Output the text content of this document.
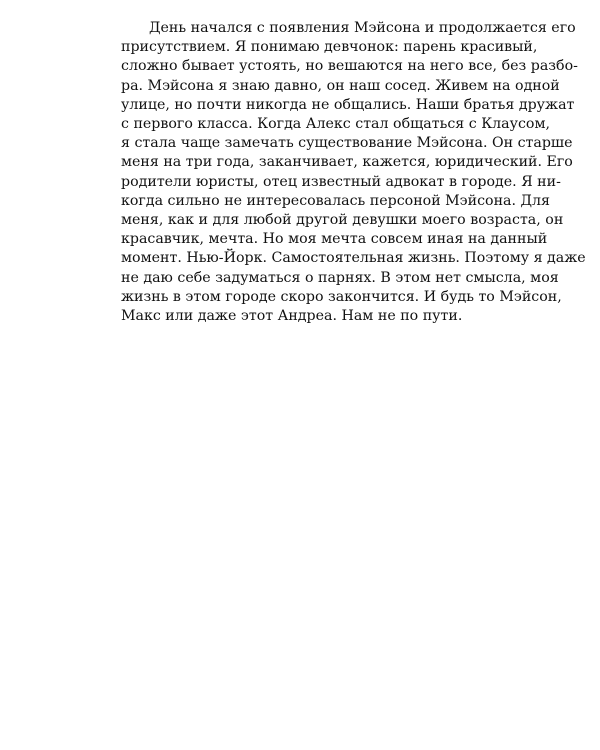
День начался с появления Мэйсона и продолжается его
присутствием. Я понимаю девчонок: парень красивый,
сложно бывает устоять, но вешаются на него все, без разбо-
ра. Мэйсона я знаю давно, он наш сосед. Живем на одной
улице, но почти никогда не общались. Наши братья дружат
с первого класса. Когда Алекс стал общаться с Клаусом,
я стала чаще замечать существование Мэйсона. Он старше
меня на три года, заканчивает, кажется, юридический. Его
родители юристы, отец известный адвокат в городе. Я ни-
когда сильно не интересовалась персоной Мэйсона. Для
меня, как и для любой другой девушки моего возраста, он
красавчик, мечта. Но моя мечта совсем иная на данный
момент. Нью-Йорк. Самостоятельная жизнь. Поэтому я даже
не даю себе задуматься о парнях. В этом нет смысла, моя
жизнь в этом городе скоро закончится. И будь то Мэйсон,
Макс или даже этот Андреа. Нам не по пути.
